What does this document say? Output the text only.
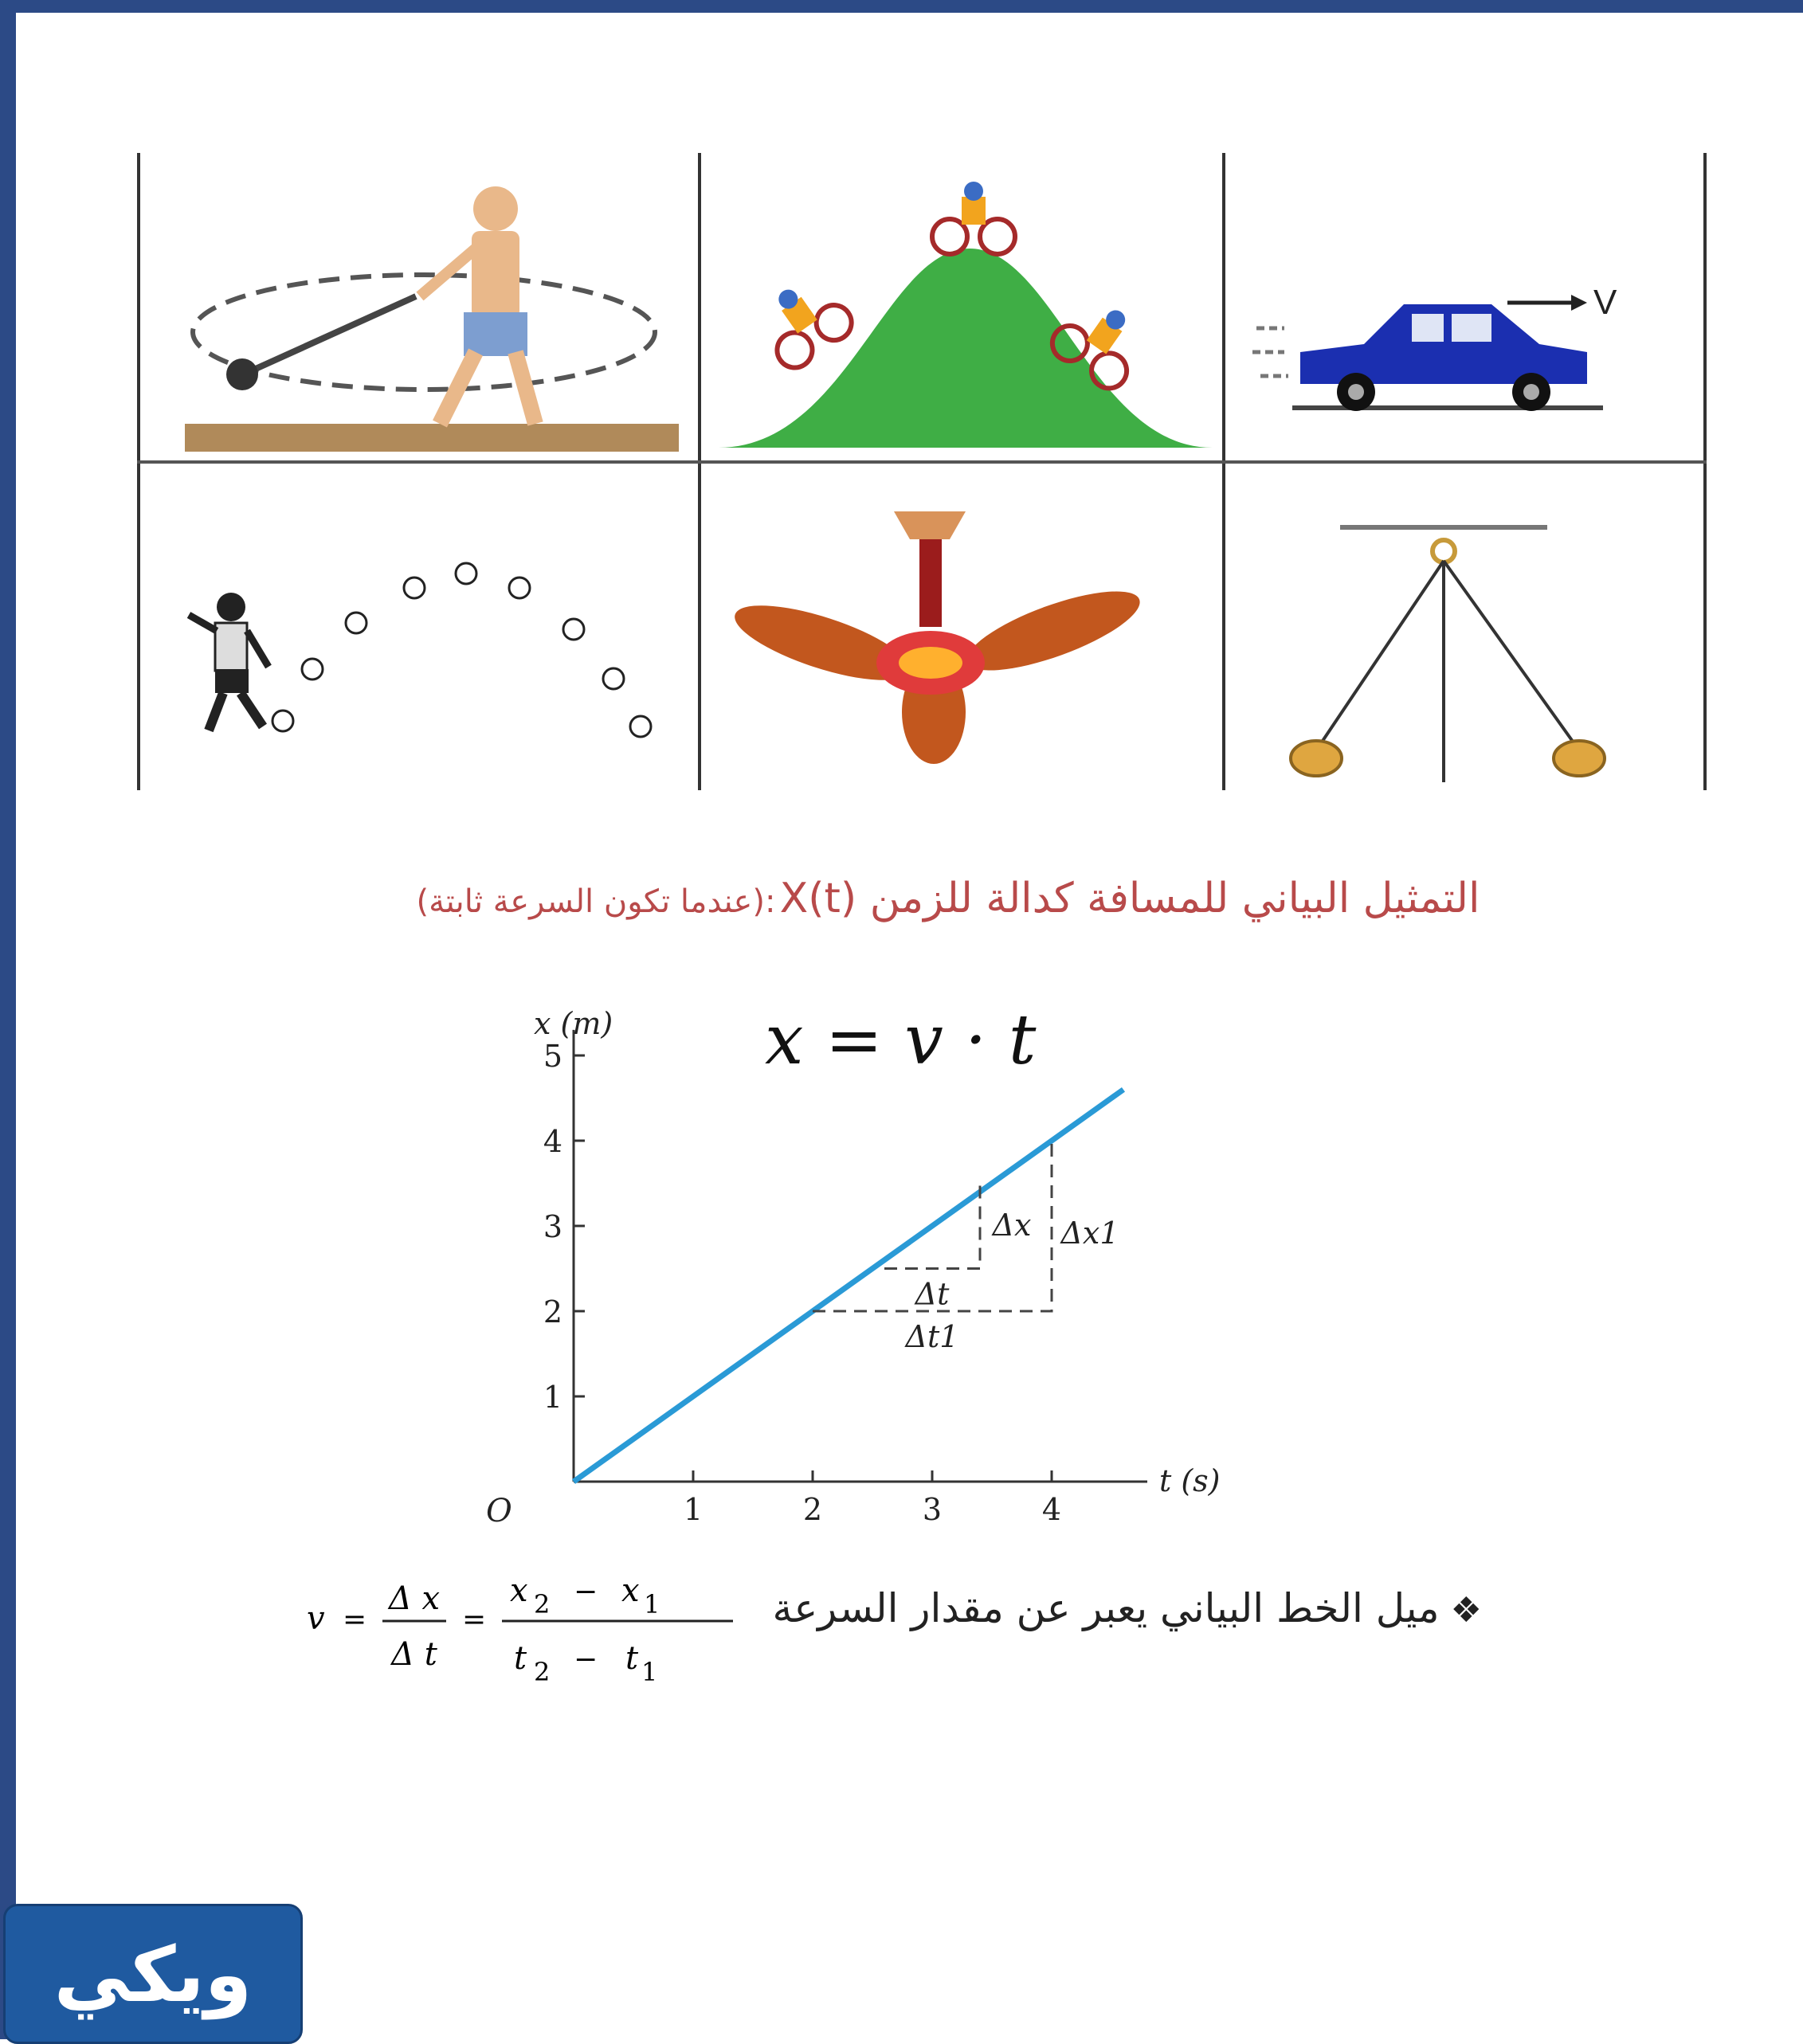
V
التمثيل البياني للمسافة كدالة للزمن X(t) :(عندما تكون السرعة ثابتة)
1
2
3
4
5
1	2	3	4
O
x (m)
t (s)
x = v · t
Δt
Δx
Δt1
Δx1
❖ميل الخط البياني يعبر عن مقدار السرعة
v =
Δ x
Δ t
=
x 2 − x 1
t 2 − t 1
ويكي
